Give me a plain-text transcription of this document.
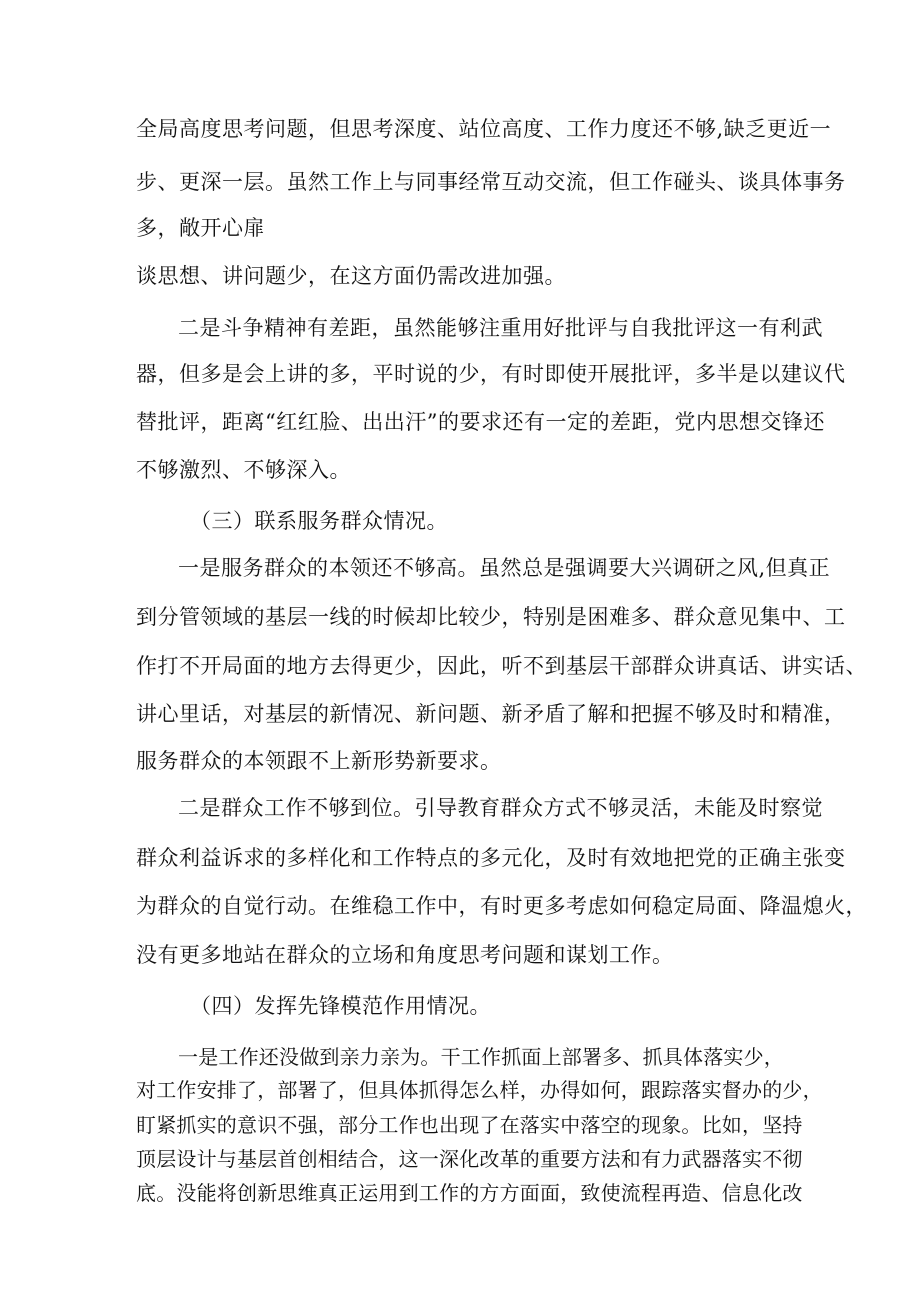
全局高度思考问题，但思考深度、站位高度、工作力度还不够,缺乏更近一
步、更深一层。虽然工作上与同事经常互动交流，但工作碰头、谈具体事务
多，敞开心扉
谈思想、讲问题少，在这方面仍需改进加强。
二是斗争精神有差距，虽然能够注重用好批评与自我批评这一有利武
器，但多是会上讲的多，平时说的少，有时即使开展批评，多半是以建议代
替批评，距离“红红脸、出出汗”的要求还有一定的差距，党内思想交锋还
不够激烈、不够深入。
（三）联系服务群众情况。
一是服务群众的本领还不够高。虽然总是强调要大兴调研之风,但真正
到分管领域的基层一线的时候却比较少，特别是困难多、群众意见集中、工
作打不开局面的地方去得更少，因此，听不到基层干部群众讲真话、讲实话、
讲心里话，对基层的新情况、新问题、新矛盾了解和把握不够及时和精准，
服务群众的本领跟不上新形势新要求。
二是群众工作不够到位。引导教育群众方式不够灵活，未能及时察觉
群众利益诉求的多样化和工作特点的多元化，及时有效地把党的正确主张变
为群众的自觉行动。在维稳工作中，有时更多考虑如何稳定局面、降温熄火，
没有更多地站在群众的立场和角度思考问题和谋划工作。
（四）发挥先锋模范作用情况。
一是工作还没做到亲力亲为。干工作抓面上部署多、抓具体落实少，
对工作安排了，部署了，但具体抓得怎么样，办得如何，跟踪落实督办的少，
盯紧抓实的意识不强，部分工作也出现了在落实中落空的现象。比如，坚持
顶层设计与基层首创相结合，这一深化改革的重要方法和有力武器落实不彻
底。没能将创新思维真正运用到工作的方方面面，致使流程再造、信息化改
